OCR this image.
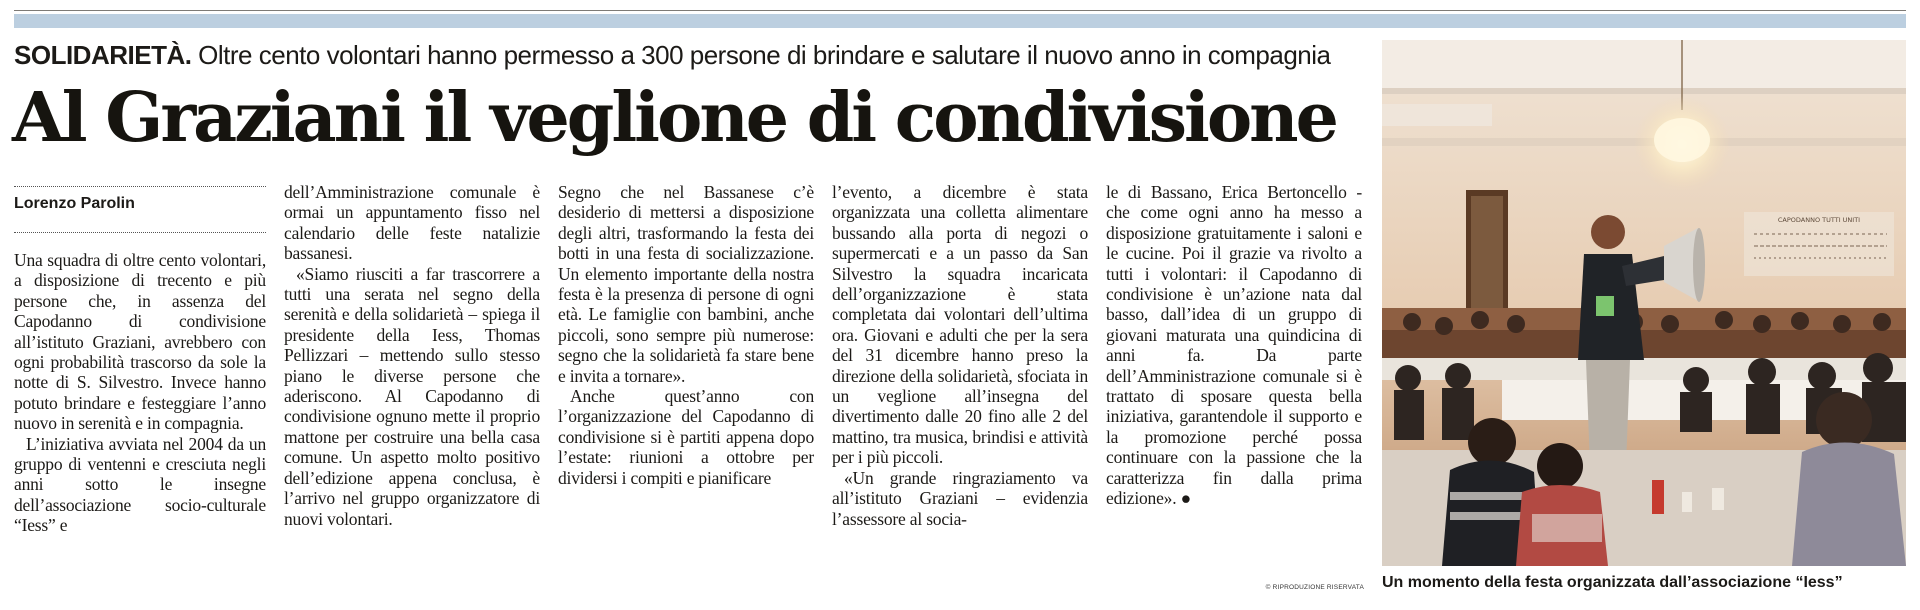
SOLIDARIETÀ. Oltre cento volontari hanno permesso a 300 persone di brindare e salutare il nuovo anno in compagnia
Al Graziani il veglione di condivisione
Lorenzo Parolin

Una squadra di oltre cento volontari, a disposizione di trecento e più persone che, in assenza del Capodanno di condivisione all’istituto Graziani, avrebbero con ogni probabilità trascorso da sole la notte di S. Silvestro. Invece hanno potuto brindare e festeggiare l’anno nuovo in serenità e in compagnia.

L’iniziativa avviata nel 2004 da un gruppo di ventenni e cresciuta negli anni sotto le insegne dell’associazione socio-culturale “Iess” e

dell’Amministrazione comunale è ormai un appuntamento fisso nel calendario delle feste natalizie bassanesi.

«Siamo riusciti a far trascorrere a tutti una serata nel segno della serenità e della solidarietà – spiega il presidente della Iess, Thomas Pellizzari – mettendo sullo stesso piano le diverse persone che aderiscono. Al Capodanno di condivisione ognuno mette il proprio mattone per costruire una bella casa comune. Un aspetto molto positivo dell’edizione appena conclusa, è l’arrivo nel gruppo organizzatore di nuovi volontari.

Segno che nel Bassanese c’è desiderio di mettersi a disposizione degli altri, trasformando la festa dei botti in una festa di socializzazione. Un elemento importante della nostra festa è la presenza di persone di ogni età. Le famiglie con bambini, anche piccoli, sono sempre più numerose: segno che la solidarietà fa stare bene e invita a tornare».

Anche quest’anno con l’organizzazione del Capodanno di condivisione si è partiti appena dopo l’estate: riunioni a ottobre per dividersi i compiti e pianificare

l’evento, a dicembre è stata organizzata una colletta alimentare bussando alla porta di negozi o supermercati e a un passo da San Silvestro la squadra incaricata dell’organizzazione è stata completata dai volontari dell’ultima ora. Giovani e adulti che per la sera del 31 dicembre hanno preso la direzione della solidarietà, sfociata in un veglione all’insegna del divertimento dalle 20 fino alle 2 del mattino, tra musica, brindisi e attività per i più piccoli.

«Un grande ringraziamento va all’istituto Graziani – evidenzia l’assessore al socia-

le di Bassano, Erica Bertoncello - che come ogni anno ha messo a disposizione gratuitamente i saloni e le cucine. Poi il grazie va rivolto a tutti i volontari: il Capodanno di condivisione è un’azione nata dal basso, dall’idea di un gruppo di giovani maturata una quindicina di anni fa. Da parte dell’Amministrazione comunale si è trattato di sposare questa bella iniziativa, garantendole il supporto e la promozione perché possa continuare con la passione che la caratterizza fin dalla prima edizione». ●

© RIPRODUZIONE RISERVATA
CAPODANNO TUTTI UNITI
Un momento della festa organizzata dall’associazione “Iess”
